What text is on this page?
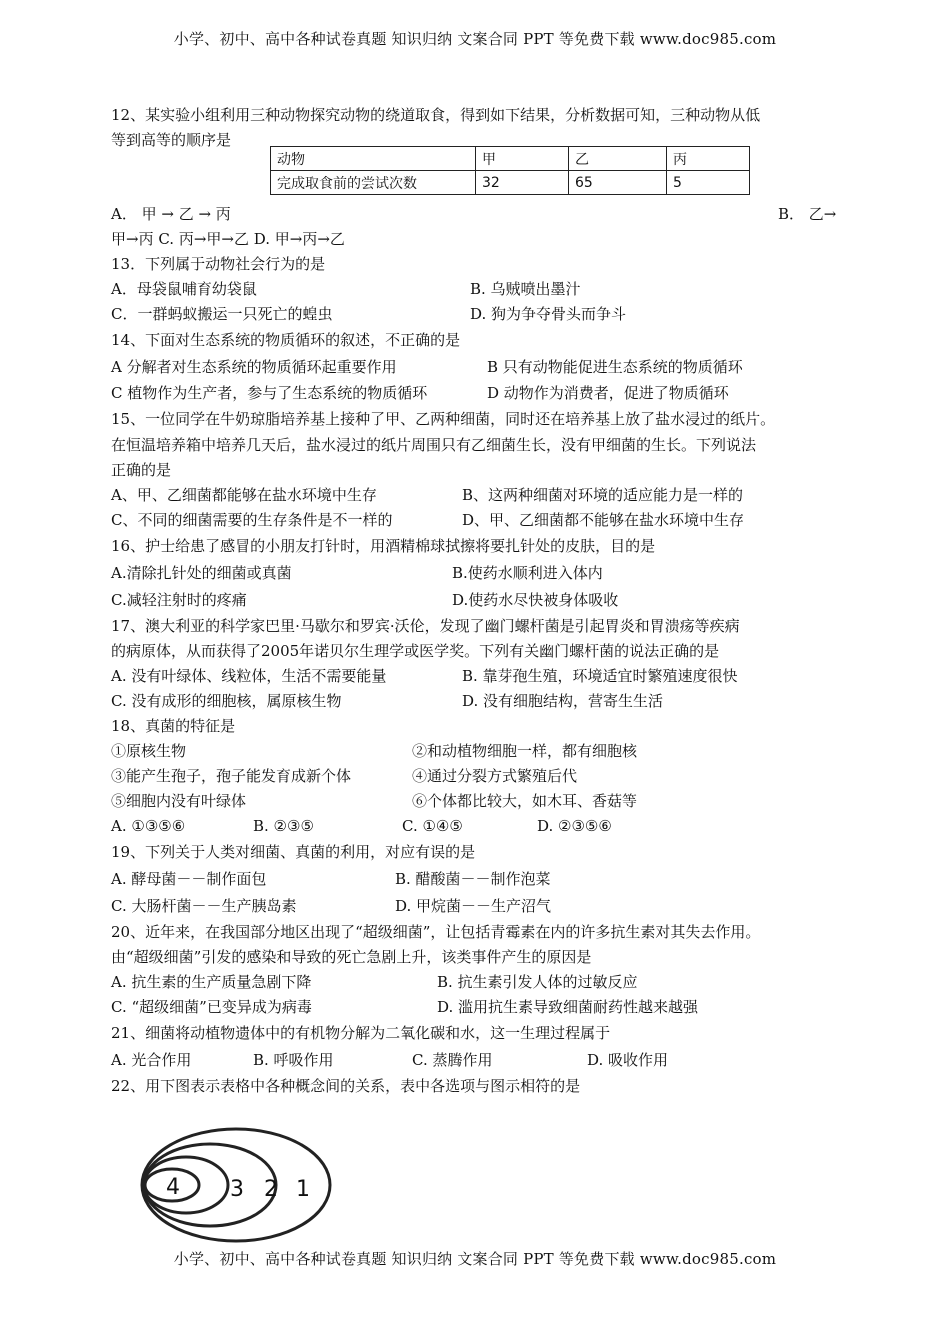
小学、初中、高中各种试卷真题 知识归纳 文案合同 PPT 等免费下载 www.doc985.com
12、某实验小组利用三种动物探究动物的绕道取食，得到如下结果，分析数据可知，三种动物从低
等到高等的顺序是
动物	甲	乙	丙
完成取食前的尝试次数	32	65	5
A． 甲 → 乙 → 丙	B． 乙→
甲→丙 C. 丙→甲→乙 D. 甲→丙→乙
13．下列属于动物社会行为的是
A．母袋鼠哺育幼袋鼠	B. 乌贼喷出墨汁
C．一群蚂蚁搬运一只死亡的蝗虫	D. 狗为争夺骨头而争斗
14、下面对生态系统的物质循环的叙述，不正确的是
A 分解者对生态系统的物质循环起重要作用	B 只有动物能促进生态系统的物质循环
C 植物作为生产者，参与了生态系统的物质循环	D 动物作为消费者，促进了物质循环
15、一位同学在牛奶琼脂培养基上接种了甲、乙两种细菌，同时还在培养基上放了盐水浸过的纸片。
在恒温培养箱中培养几天后，盐水浸过的纸片周围只有乙细菌生长，没有甲细菌的生长。下列说法
正确的是
A、甲、乙细菌都能够在盐水环境中生存	B、这两种细菌对环境的适应能力是一样的
C、不同的细菌需要的生存条件是不一样的	D、甲、乙细菌都不能够在盐水环境中生存
16、护士给患了感冒的小朋友打针时，用酒精棉球拭擦将要扎针处的皮肤，目的是
A.清除扎针处的细菌或真菌	B.使药水顺利进入体内
C.减轻注射时的疼痛	D.使药水尽快被身体吸收
17、澳大利亚的科学家巴里·马歇尔和罗宾·沃伦，发现了幽门螺杆菌是引起胃炎和胃溃疡等疾病
的病原体，从而获得了2005年诺贝尔生理学或医学奖。下列有关幽门螺杆菌的说法正确的是
A. 没有叶绿体、线粒体，生活不需要能量	B. 靠芽孢生殖，环境适宜时繁殖速度很快
C. 没有成形的细胞核，属原核生物	D. 没有细胞结构，营寄生生活
18、真菌的特征是
①原核生物	②和动植物细胞一样，都有细胞核
③能产生孢子，孢子能发育成新个体	④通过分裂方式繁殖后代
⑤细胞内没有叶绿体	⑥个体都比较大，如木耳、香菇等
A. ①③⑤⑥	B. ②③⑤	C. ①④⑤	D. ②③⑤⑥
19、下列关于人类对细菌、真菌的利用，对应有误的是
A. 酵母菌－－制作面包	B. 醋酸菌－－制作泡菜
C. 大肠杆菌－－生产胰岛素	D. 甲烷菌－－生产沼气
20、近年来，在我国部分地区出现了“超级细菌”，让包括青霉素在内的许多抗生素对其失去作用。
由“超级细菌”引发的感染和导致的死亡急剧上升，该类事件产生的原因是
A. 抗生素的生产质量急剧下降	B. 抗生素引发人体的过敏反应
C. “超级细菌”已变异成为病毒	D. 滥用抗生素导致细菌耐药性越来越强
21、细菌将动植物遗体中的有机物分解为二氧化碳和水，这一生理过程属于
A. 光合作用	B. 呼吸作用	C. 蒸腾作用	D. 吸收作用
22、用下图表示表格中各种概念间的关系，表中各选项与图示相符的是
4 3 2 1
小学、初中、高中各种试卷真题 知识归纳 文案合同 PPT 等免费下载 www.doc985.com
